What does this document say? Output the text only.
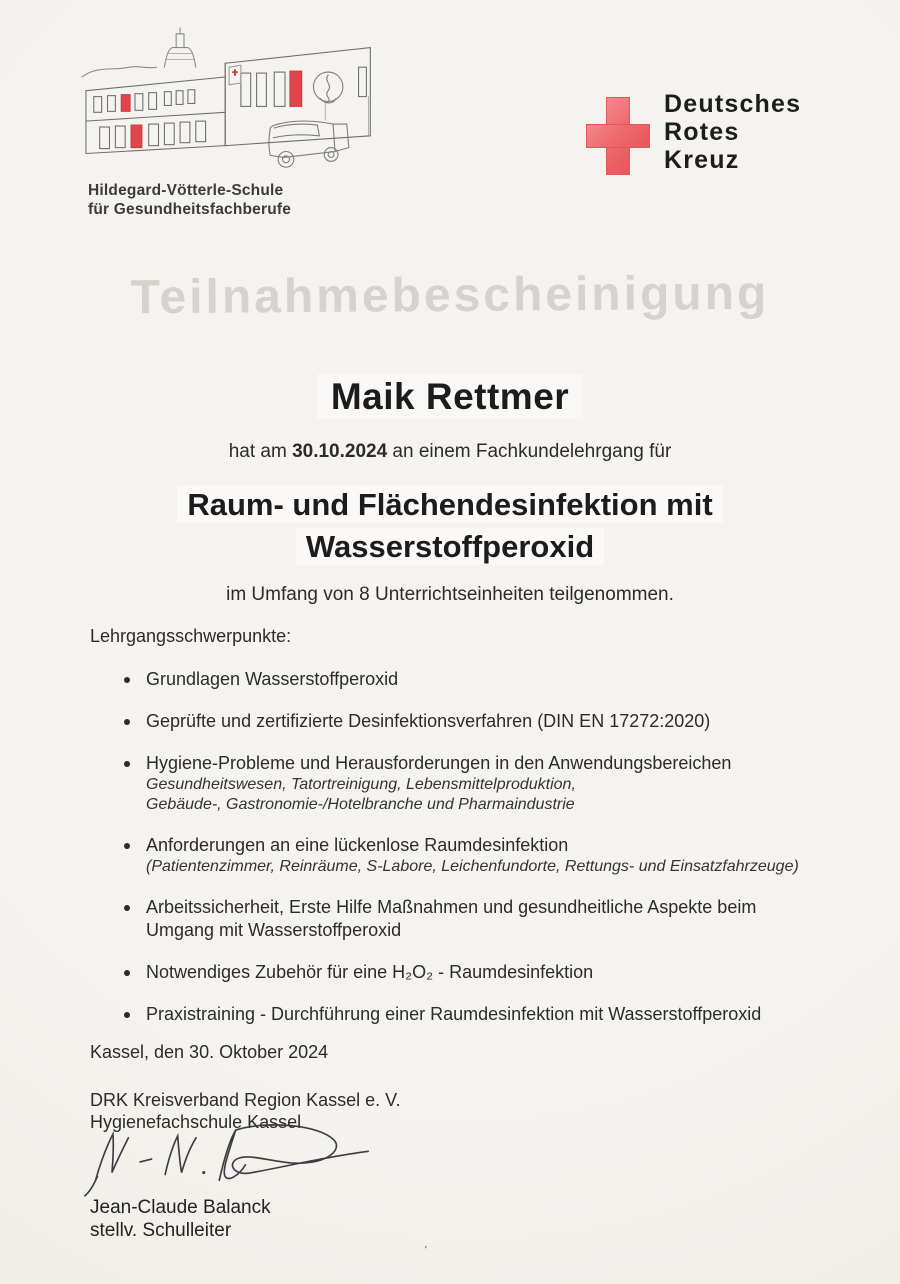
Hildegard-Vötterle-Schule
für Gesundheitsfachberufe
Deutsches
Rotes
Kreuz
Teilnahmebescheinigung
Maik Rettmer
hat am 30.10.2024 an einem Fachkundelehrgang für
Raum- und Flächendesinfektion mit
Wasserstoffperoxid
im Umfang von 8 Unterrichtseinheiten teilgenommen.
Lehrgangsschwerpunkte:
Grundlagen Wasserstoffperoxid
Geprüfte und zertifizierte Desinfektionsverfahren (DIN EN 17272:2020)
Hygiene-Probleme und Herausforderungen in den Anwendungsbereichen
Gesundheitswesen, Tatortreinigung, Lebensmittelproduktion,
Gebäude-, Gastronomie-/Hotelbranche und Pharmaindustrie
Anforderungen an eine lückenlose Raumdesinfektion
(Patientenzimmer, Reinräume, S-Labore, Leichenfundorte, Rettungs- und Einsatzfahrzeuge)
Arbeitssicherheit, Erste Hilfe Maßnahmen und gesundheitliche Aspekte beim Umgang mit Wasserstoffperoxid
Notwendiges Zubehör für eine H₂O₂ - Raumdesinfektion
Praxistraining - Durchführung einer Raumdesinfektion mit Wasserstoffperoxid
Kassel, den 30. Oktober 2024
DRK Kreisverband Region Kassel e. V.
Hygienefachschule Kassel
Jean-Claude Balanck
stellv. Schulleiter
'
